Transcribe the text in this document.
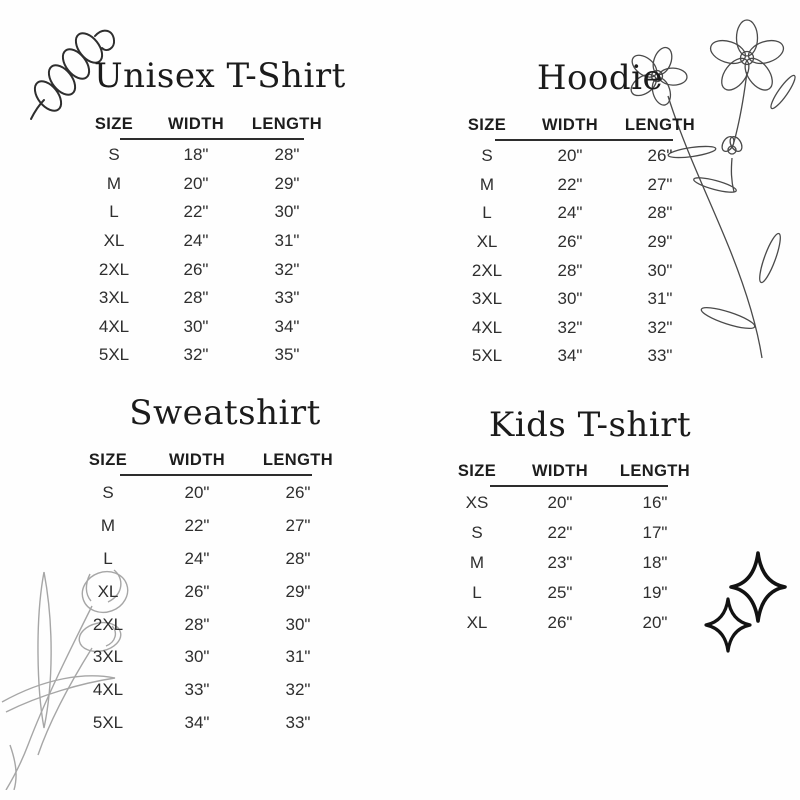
Unisex T-Shirt
SIZE	WIDTH	LENGTH

S	18"	28"
M	20"	29"
L	22"	30"
XL	24"	31"
2XL	26"	32"
3XL	28"	33"
4XL	30"	34"
5XL	32"	35"
Hoodie
SIZE	WIDTH	LENGTH

S	20"	26"
M	22"	27"
L	24"	28"
XL	26"	29"
2XL	28"	30"
3XL	30"	31"
4XL	32"	32"
5XL	34"	33"
Sweatshirt
SIZE	WIDTH	LENGTH

S	20"	26"
M	22"	27"
L	24"	28"
XL	26"	29"
2XL	28"	30"
3XL	30"	31"
4XL	33"	32"
5XL	34"	33"
Kids T-shirt
SIZE	WIDTH	LENGTH

XS	20"	16"
S	22"	17"
M	23"	18"
L	25"	19"
XL	26"	20"
